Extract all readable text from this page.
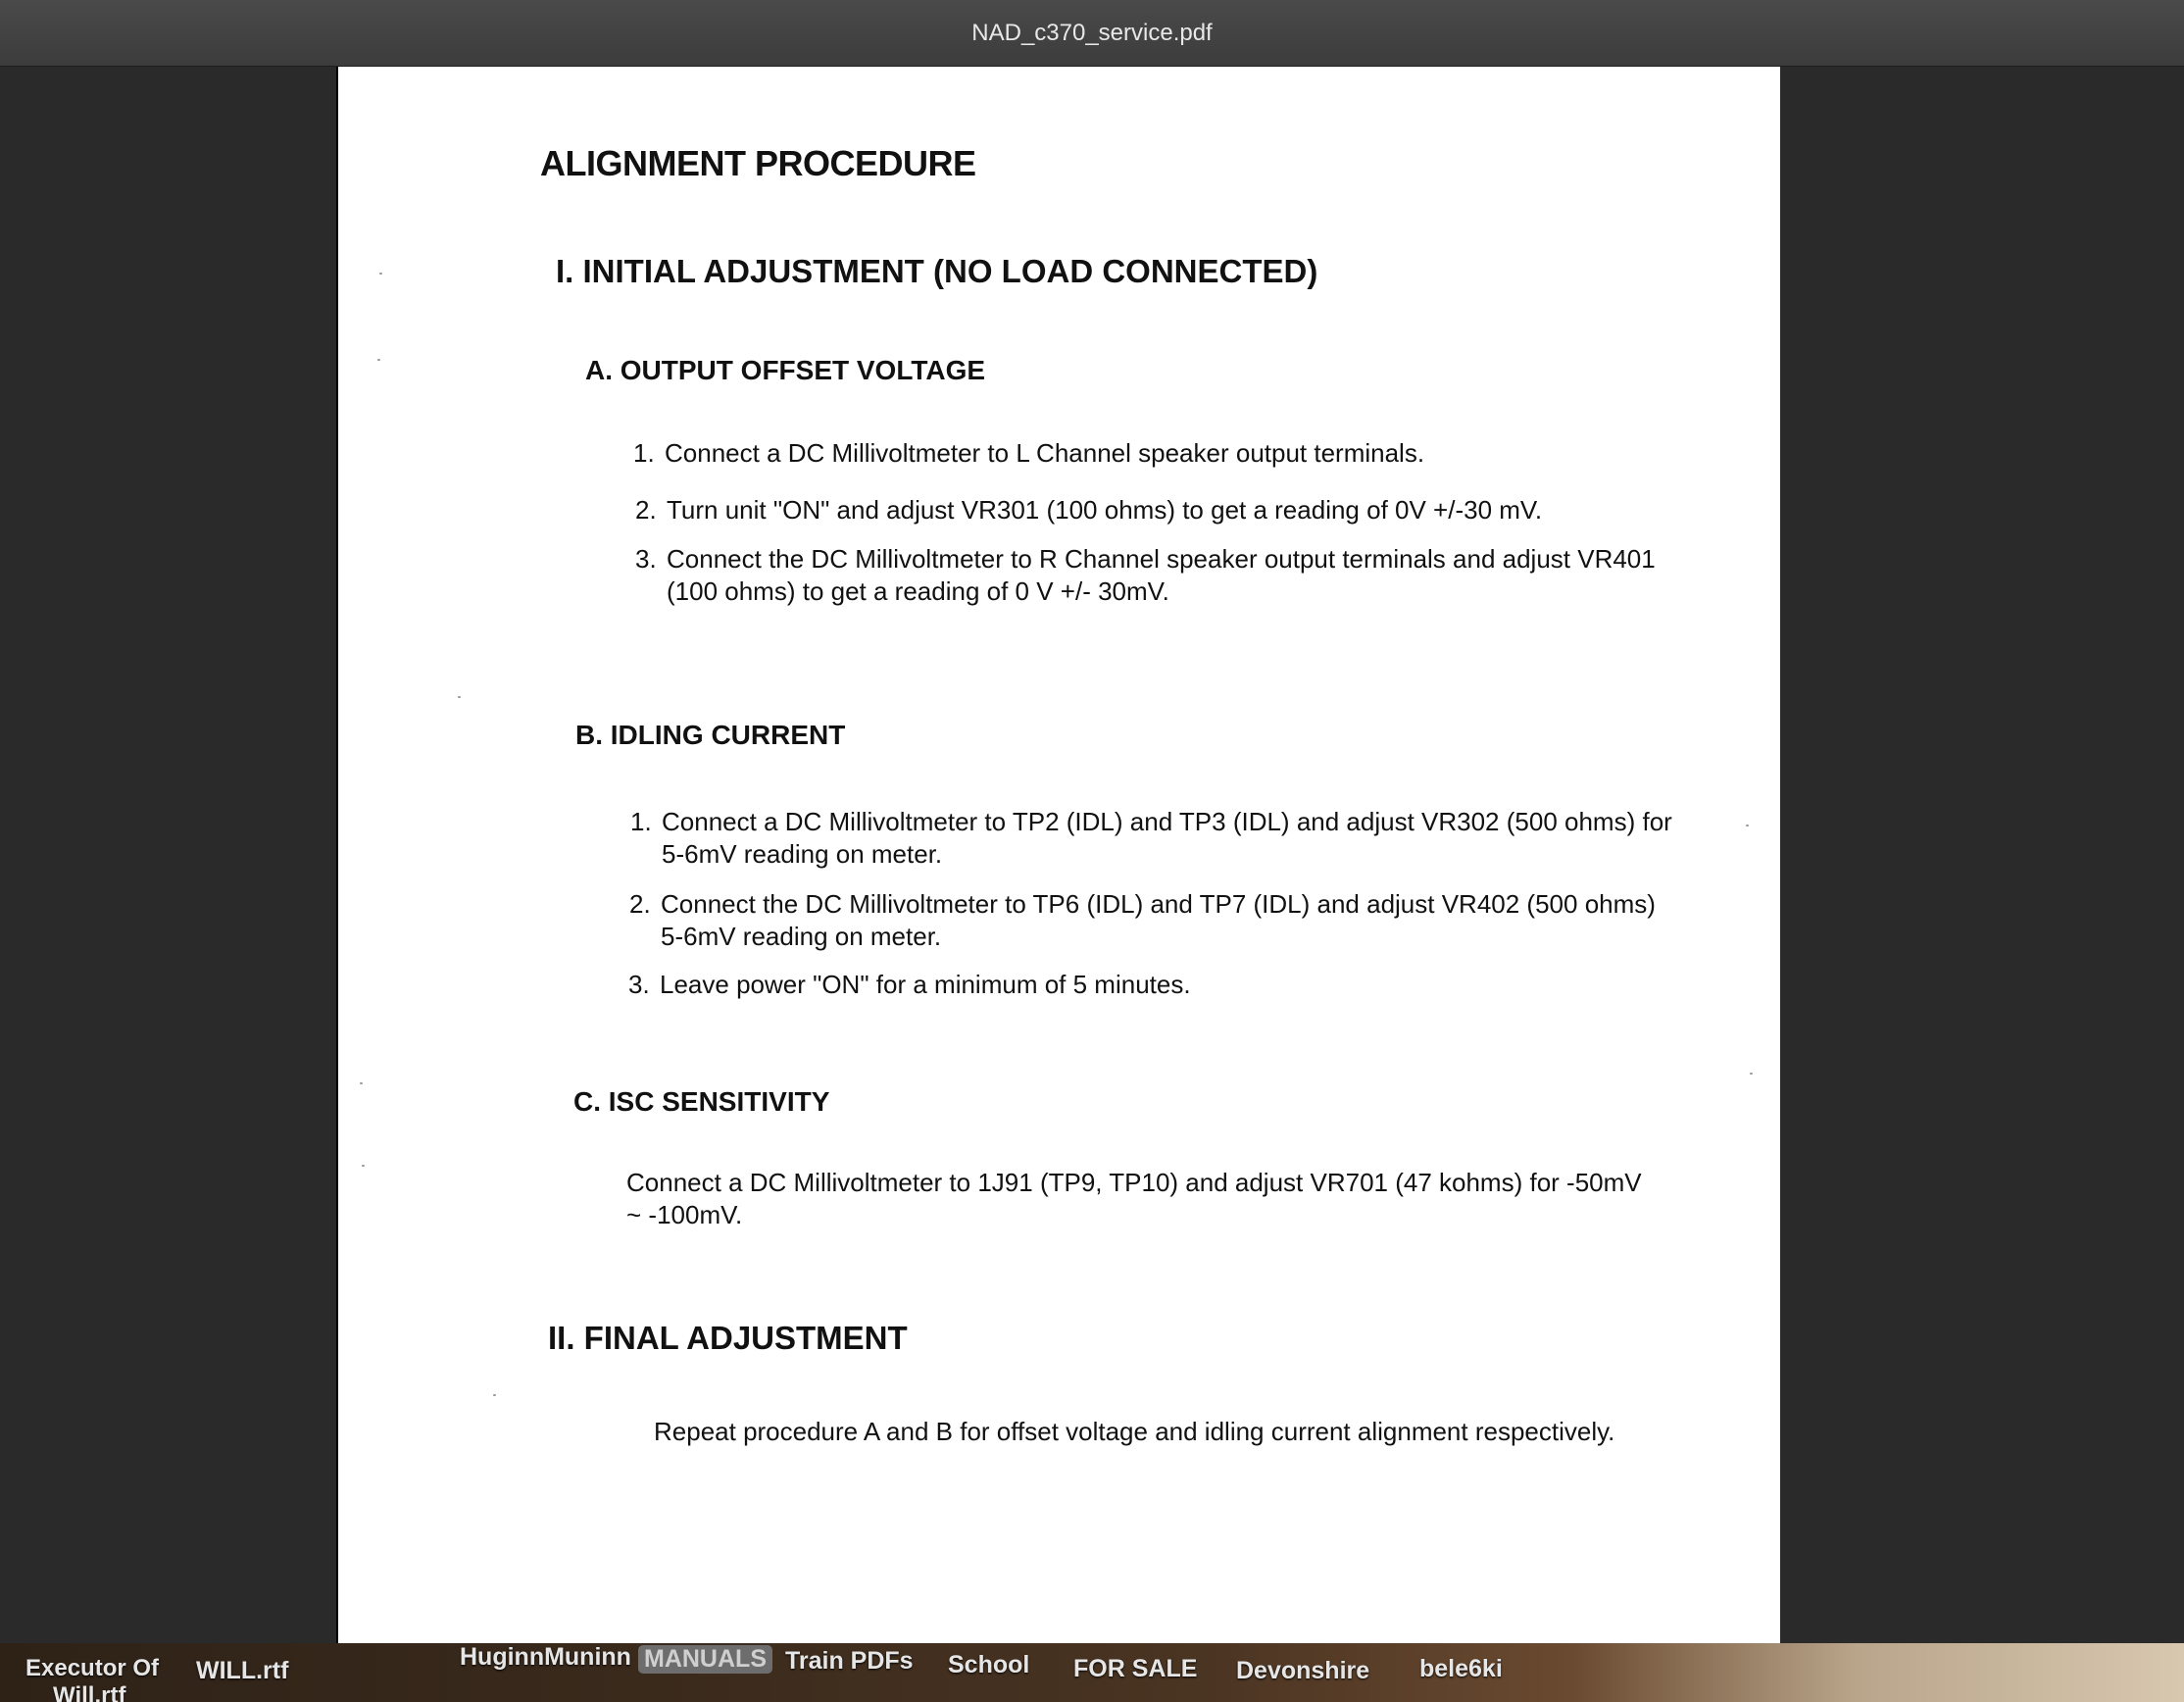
NAD_c370_service.pdf
ALIGNMENT PROCEDURE
I. INITIAL ADJUSTMENT (NO LOAD CONNECTED)
A. OUTPUT OFFSET VOLTAGE
1. Connect a DC Millivoltmeter to L Channel speaker output terminals.
2. Turn unit "ON" and adjust VR301 (100 ohms) to get a reading of 0V +/-30 mV.
3. Connect the DC Millivoltmeter to R Channel speaker output terminals and adjust VR401
(100 ohms) to get a reading of 0 V +/- 30mV.
B. IDLING CURRENT
1. Connect a DC Millivoltmeter to TP2 (IDL) and TP3 (IDL) and adjust VR302 (500 ohms) for
5-6mV reading on meter.
2. Connect the DC Millivoltmeter to TP6 (IDL) and TP7 (IDL) and adjust VR402 (500 ohms)
5-6mV reading on meter.
3. Leave power "ON" for a minimum of 5 minutes.
C. ISC SENSITIVITY
Connect a DC Millivoltmeter to 1J91 (TP9, TP10) and adjust VR701 (47 kohms) for -50mV
~ -100mV.
II. FINAL ADJUSTMENT
Repeat procedure A and B for offset voltage and idling current alignment respectively.
Executor Of
Will.rtf
WILL.rtf	HuginnMuninn MANUALS Train PDFs School FOR SALE Devonshire bele6ki
